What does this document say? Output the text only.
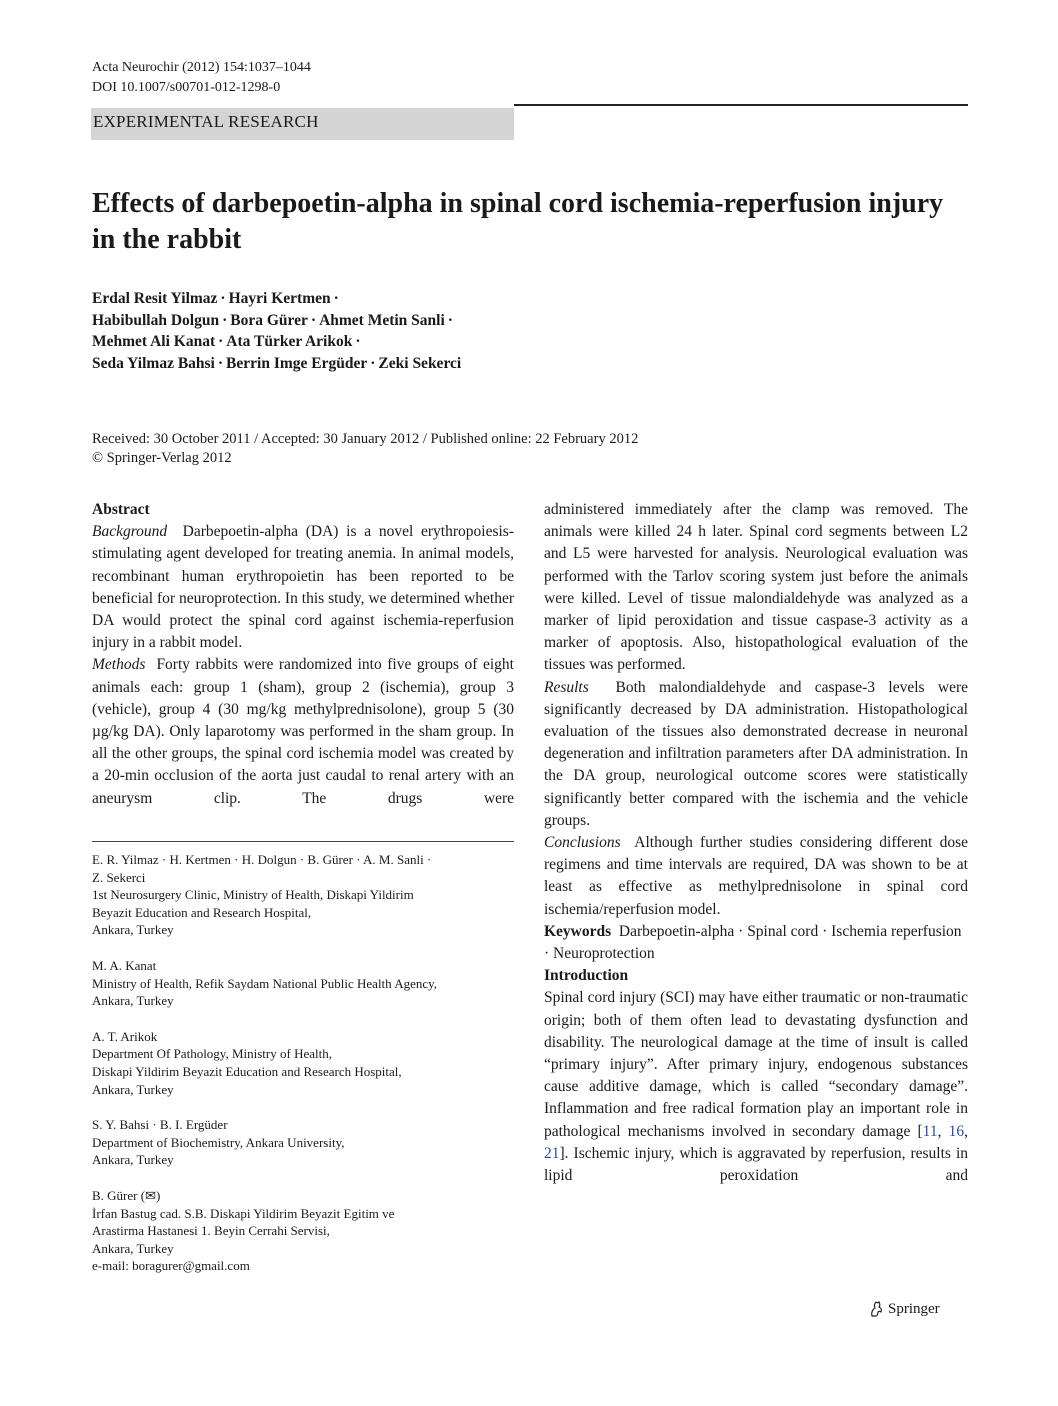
Acta Neurochir (2012) 154:1037–1044
DOI 10.1007/s00701-012-1298-0
EXPERIMENTAL RESEARCH
Effects of darbepoetin-alpha in spinal cord ischemia-reperfusion injury in the rabbit
Erdal Resit Yilmaz · Hayri Kertmen ·
Habibullah Dolgun · Bora Gürer · Ahmet Metin Sanli ·
Mehmet Ali Kanat · Ata Türker Arikok ·
Seda Yilmaz Bahsi · Berrin Imge Ergüder · Zeki Sekerci
Received: 30 October 2011 / Accepted: 30 January 2012 / Published online: 22 February 2012
© Springer-Verlag 2012

Abstract

Background Darbepoetin-alpha (DA) is a novel erythropoiesis-stimulating agent developed for treating anemia. In animal models, recombinant human erythropoietin has been reported to be beneficial for neuroprotection. In this study, we determined whether DA would protect the spinal cord against ischemia-reperfusion injury in a rabbit model.

Methods Forty rabbits were randomized into five groups of eight animals each: group 1 (sham), group 2 (ischemia), group 3 (vehicle), group 4 (30 mg/kg methylprednisolone), group 5 (30 µg/kg DA). Only laparotomy was performed in the sham group. In all the other groups, the spinal cord ischemia model was created by a 20-min occlusion of the aorta just caudal to renal artery with an aneurysm clip. The drugs were

E. R. Yilmaz · H. Kertmen · H. Dolgun · B. Gürer · A. M. Sanli ·
Z. Sekerci
1st Neurosurgery Clinic, Ministry of Health, Diskapi Yildirim
Beyazit Education and Research Hospital,
Ankara, Turkey
M. A. Kanat
Ministry of Health, Refik Saydam National Public Health Agency,
Ankara, Turkey
A. T. Arikok
Department Of Pathology, Ministry of Health,
Diskapi Yildirim Beyazit Education and Research Hospital,
Ankara, Turkey
S. Y. Bahsi · B. I. Ergüder
Department of Biochemistry, Ankara University,
Ankara, Turkey
B. Gürer (✉)
İrfan Bastug cad. S.B. Diskapi Yildirim Beyazit Egitim ve
Arastirma Hastanesi 1. Beyin Cerrahi Servisi,
Ankara, Turkey
e-mail: boragurer@gmail.com

administered immediately after the clamp was removed. The animals were killed 24 h later. Spinal cord segments between L2 and L5 were harvested for analysis. Neurological evaluation was performed with the Tarlov scoring system just before the animals were killed. Level of tissue malondialdehyde was analyzed as a marker of lipid peroxidation and tissue caspase-3 activity as a marker of apoptosis. Also, histopathological evaluation of the tissues was performed.

Results Both malondialdehyde and caspase-3 levels were significantly decreased by DA administration. Histopathological evaluation of the tissues also demonstrated decrease in neuronal degeneration and infiltration parameters after DA administration. In the DA group, neurological outcome scores were statistically significantly better compared with the ischemia and the vehicle groups.

Conclusions Although further studies considering different dose regimens and time intervals are required, DA was shown to be at least as effective as methylprednisolone in spinal cord ischemia/reperfusion model.

Keywords Darbepoetin-alpha · Spinal cord · Ischemia reperfusion · Neuroprotection

Introduction

Spinal cord injury (SCI) may have either traumatic or non-traumatic origin; both of them often lead to devastating dysfunction and disability. The neurological damage at the time of insult is called “primary injury”. After primary injury, endogenous substances cause additive damage, which is called “secondary damage”. Inflammation and free radical formation play an important role in pathological mechanisms involved in secondary damage [11, 16, 21]. Ischemic injury, which is aggravated by reperfusion, results in lipid peroxidation and

Springer
